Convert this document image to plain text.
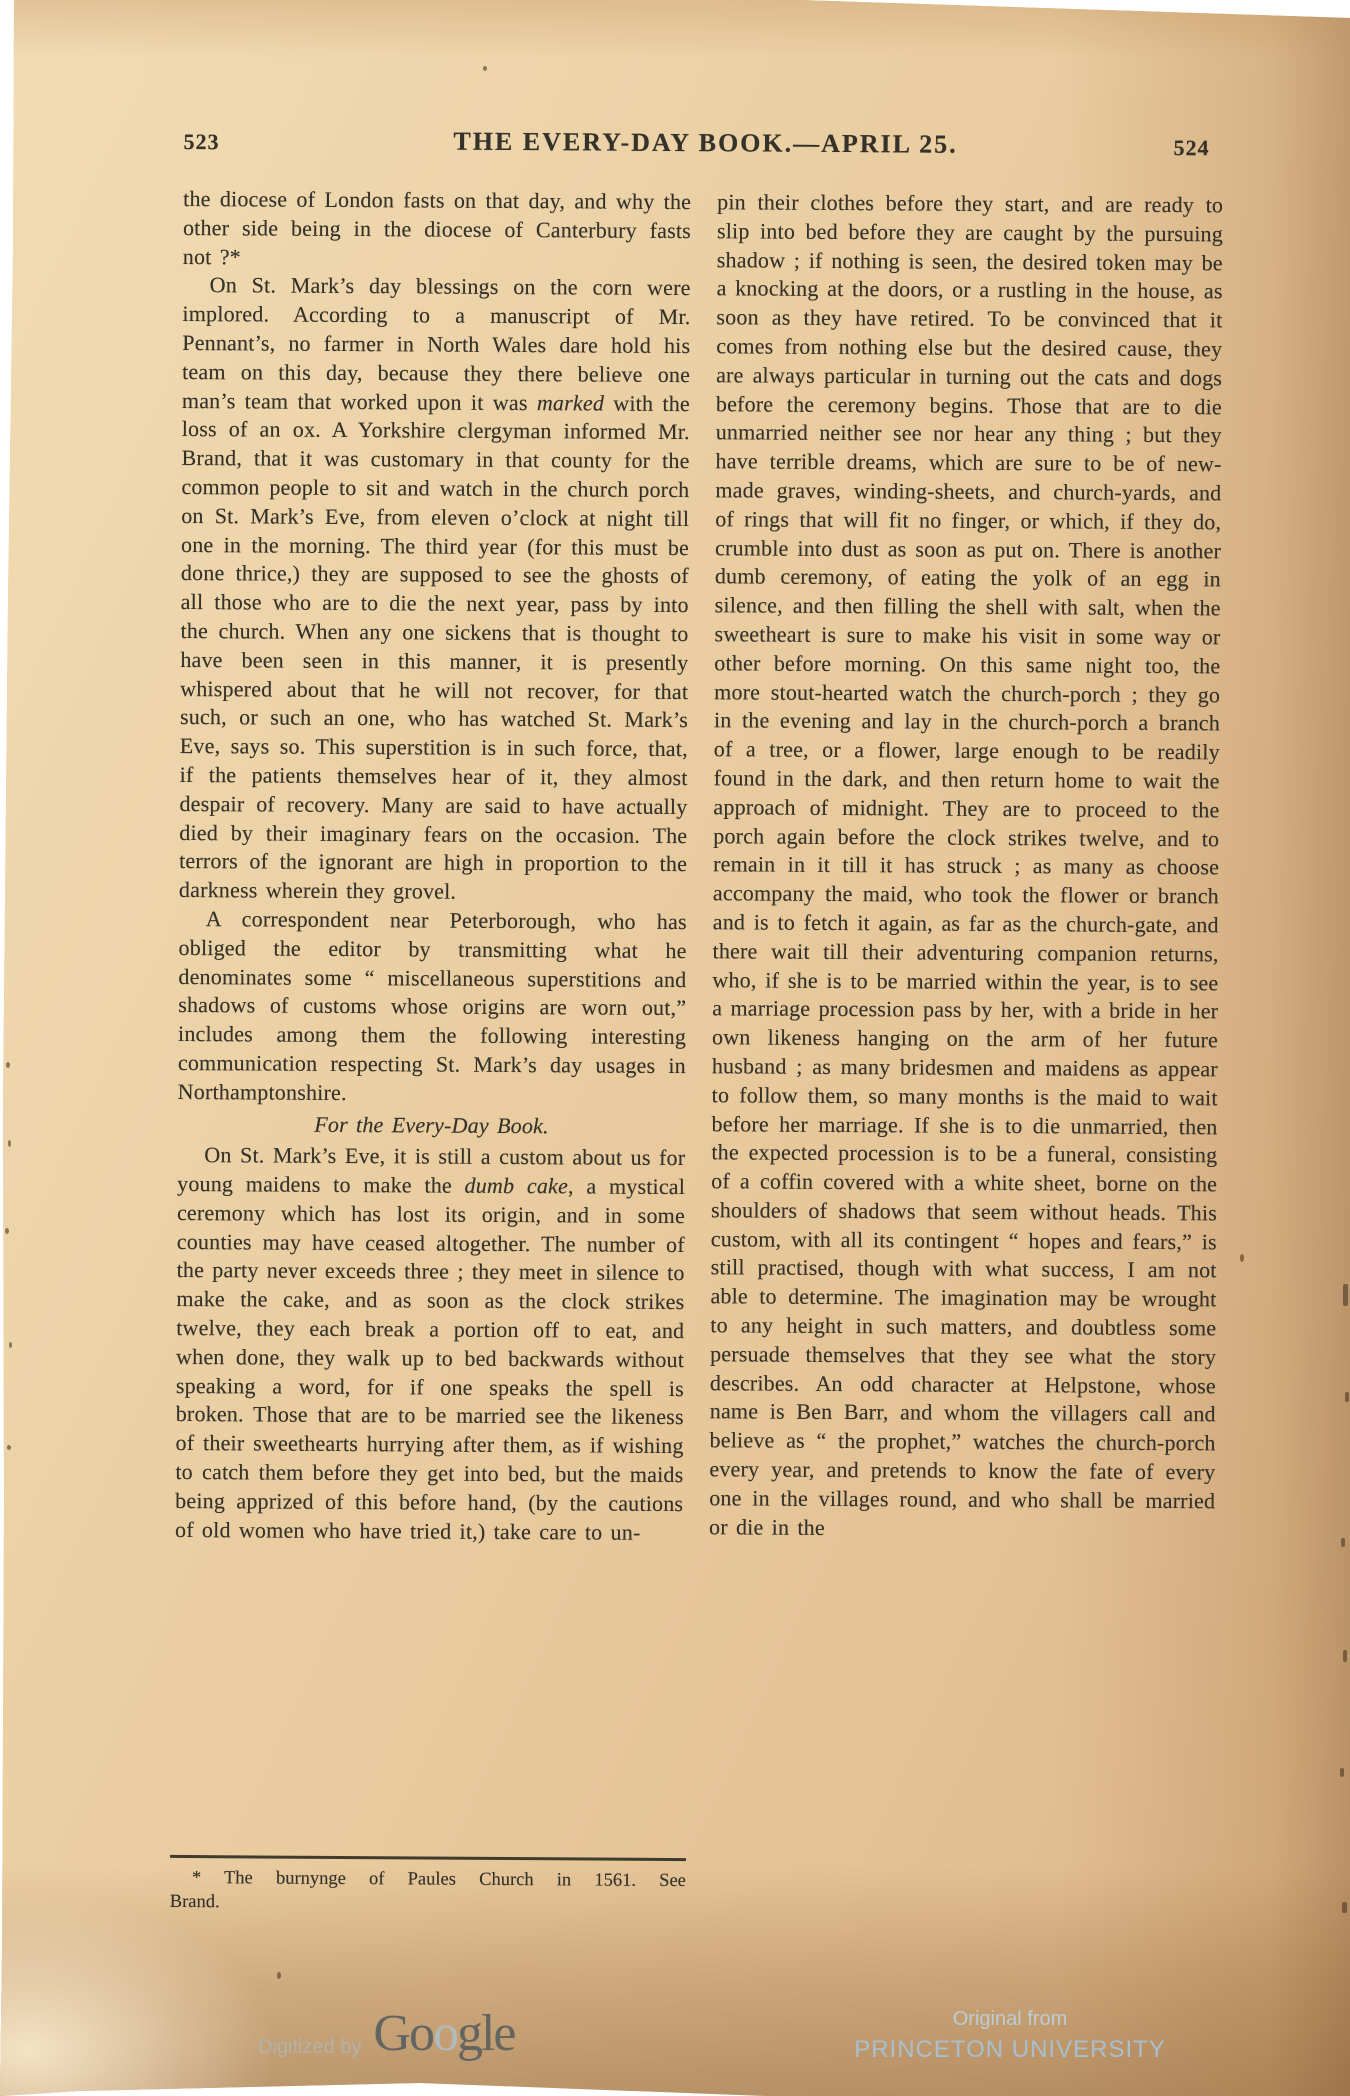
523	THE EVERY-DAY BOOK.—APRIL 25.	524

the diocese of London fasts on that day, and why the other side being in the diocese of Canterbury fasts not ?*

On St. Mark’s day blessings on the corn were implored. According to a manuscript of Mr. Pennant’s, no farmer in North Wales dare hold his team on this day, because they there believe one man’s team that worked upon it was marked with the loss of an ox. A Yorkshire clergyman informed Mr. Brand, that it was customary in that county for the common people to sit and watch in the church porch on St. Mark’s Eve, from eleven o’clock at night till one in the morning. The third year (for this must be done thrice,) they are supposed to see the ghosts of all those who are to die the next year, pass by into the church. When any one sickens that is thought to have been seen in this manner, it is presently whispered about that he will not recover, for that such, or such an one, who has watched St. Mark’s Eve, says so. This superstition is in such force, that, if the patients themselves hear of it, they almost despair of recovery. Many are said to have actually died by their imaginary fears on the occasion. The terrors of the ignorant are high in proportion to the darkness wherein they grovel.

A correspondent near Peterborough, who has obliged the editor by transmitting what he denominates some “ miscellaneous superstitions and shadows of customs whose origins are worn out,” includes among them the following interesting communication respecting St. Mark’s day usages in Northamptonshire.

For the Every-Day Book.

On St. Mark’s Eve, it is still a custom about us for young maidens to make the dumb cake, a mystical ceremony which has lost its origin, and in some counties may have ceased altogether. The number of the party never exceeds three ; they meet in silence to make the cake, and as soon as the clock strikes twelve, they each break a portion off to eat, and when done, they walk up to bed backwards without speaking a word, for if one speaks the spell is broken. Those that are to be married see the likeness of their sweethearts hurrying after them, as if wishing to catch them before they get into bed, but the maids being apprized of this before hand, (by the cautions of old women who have tried it,) take care to un-

pin their clothes before they start, and are ready to slip into bed before they are caught by the pursuing shadow ; if nothing is seen, the desired token may be a knocking at the doors, or a rustling in the house, as soon as they have retired. To be convinced that it comes from nothing else but the desired cause, they are always particular in turning out the cats and dogs before the ceremony begins. Those that are to die unmarried neither see nor hear any thing ; but they have terrible dreams, which are sure to be of new-made graves, winding-sheets, and church-yards, and of rings that will fit no finger, or which, if they do, crumble into dust as soon as put on. There is another dumb ceremony, of eating the yolk of an egg in silence, and then filling the shell with salt, when the sweetheart is sure to make his visit in some way or other before morning. On this same night too, the more stout-hearted watch the church-porch ; they go in the evening and lay in the church-porch a branch of a tree, or a flower, large enough to be readily found in the dark, and then return home to wait the approach of midnight. They are to proceed to the porch again before the clock strikes twelve, and to remain in it till it has struck ; as many as choose accompany the maid, who took the flower or branch and is to fetch it again, as far as the church-gate, and there wait till their adventuring companion returns, who, if she is to be married within the year, is to see a marriage procession pass by her, with a bride in her own likeness hanging on the arm of her future husband ; as many bridesmen and maidens as appear to follow them, so many months is the maid to wait before her marriage. If she is to die unmarried, then the expected procession is to be a funeral, consisting of a coffin covered with a white sheet, borne on the shoulders of shadows that seem without heads. This custom, with all its contingent “ hopes and fears,” is still practised, though with what success, I am not able to determine. The imagination may be wrought to any height in such matters, and doubtless some persuade themselves that they see what the story describes. An odd character at Helpstone, whose name is Ben Barr, and whom the villagers call and believe as “ the prophet,” watches the church-porch every year, and pretends to know the fate of every one in the villages round, and who shall be married or die in the

* The burnynge of Paules Church in 1561. See
Brand.
Digitized by Google	Original from
PRINCETON UNIVERSITY
